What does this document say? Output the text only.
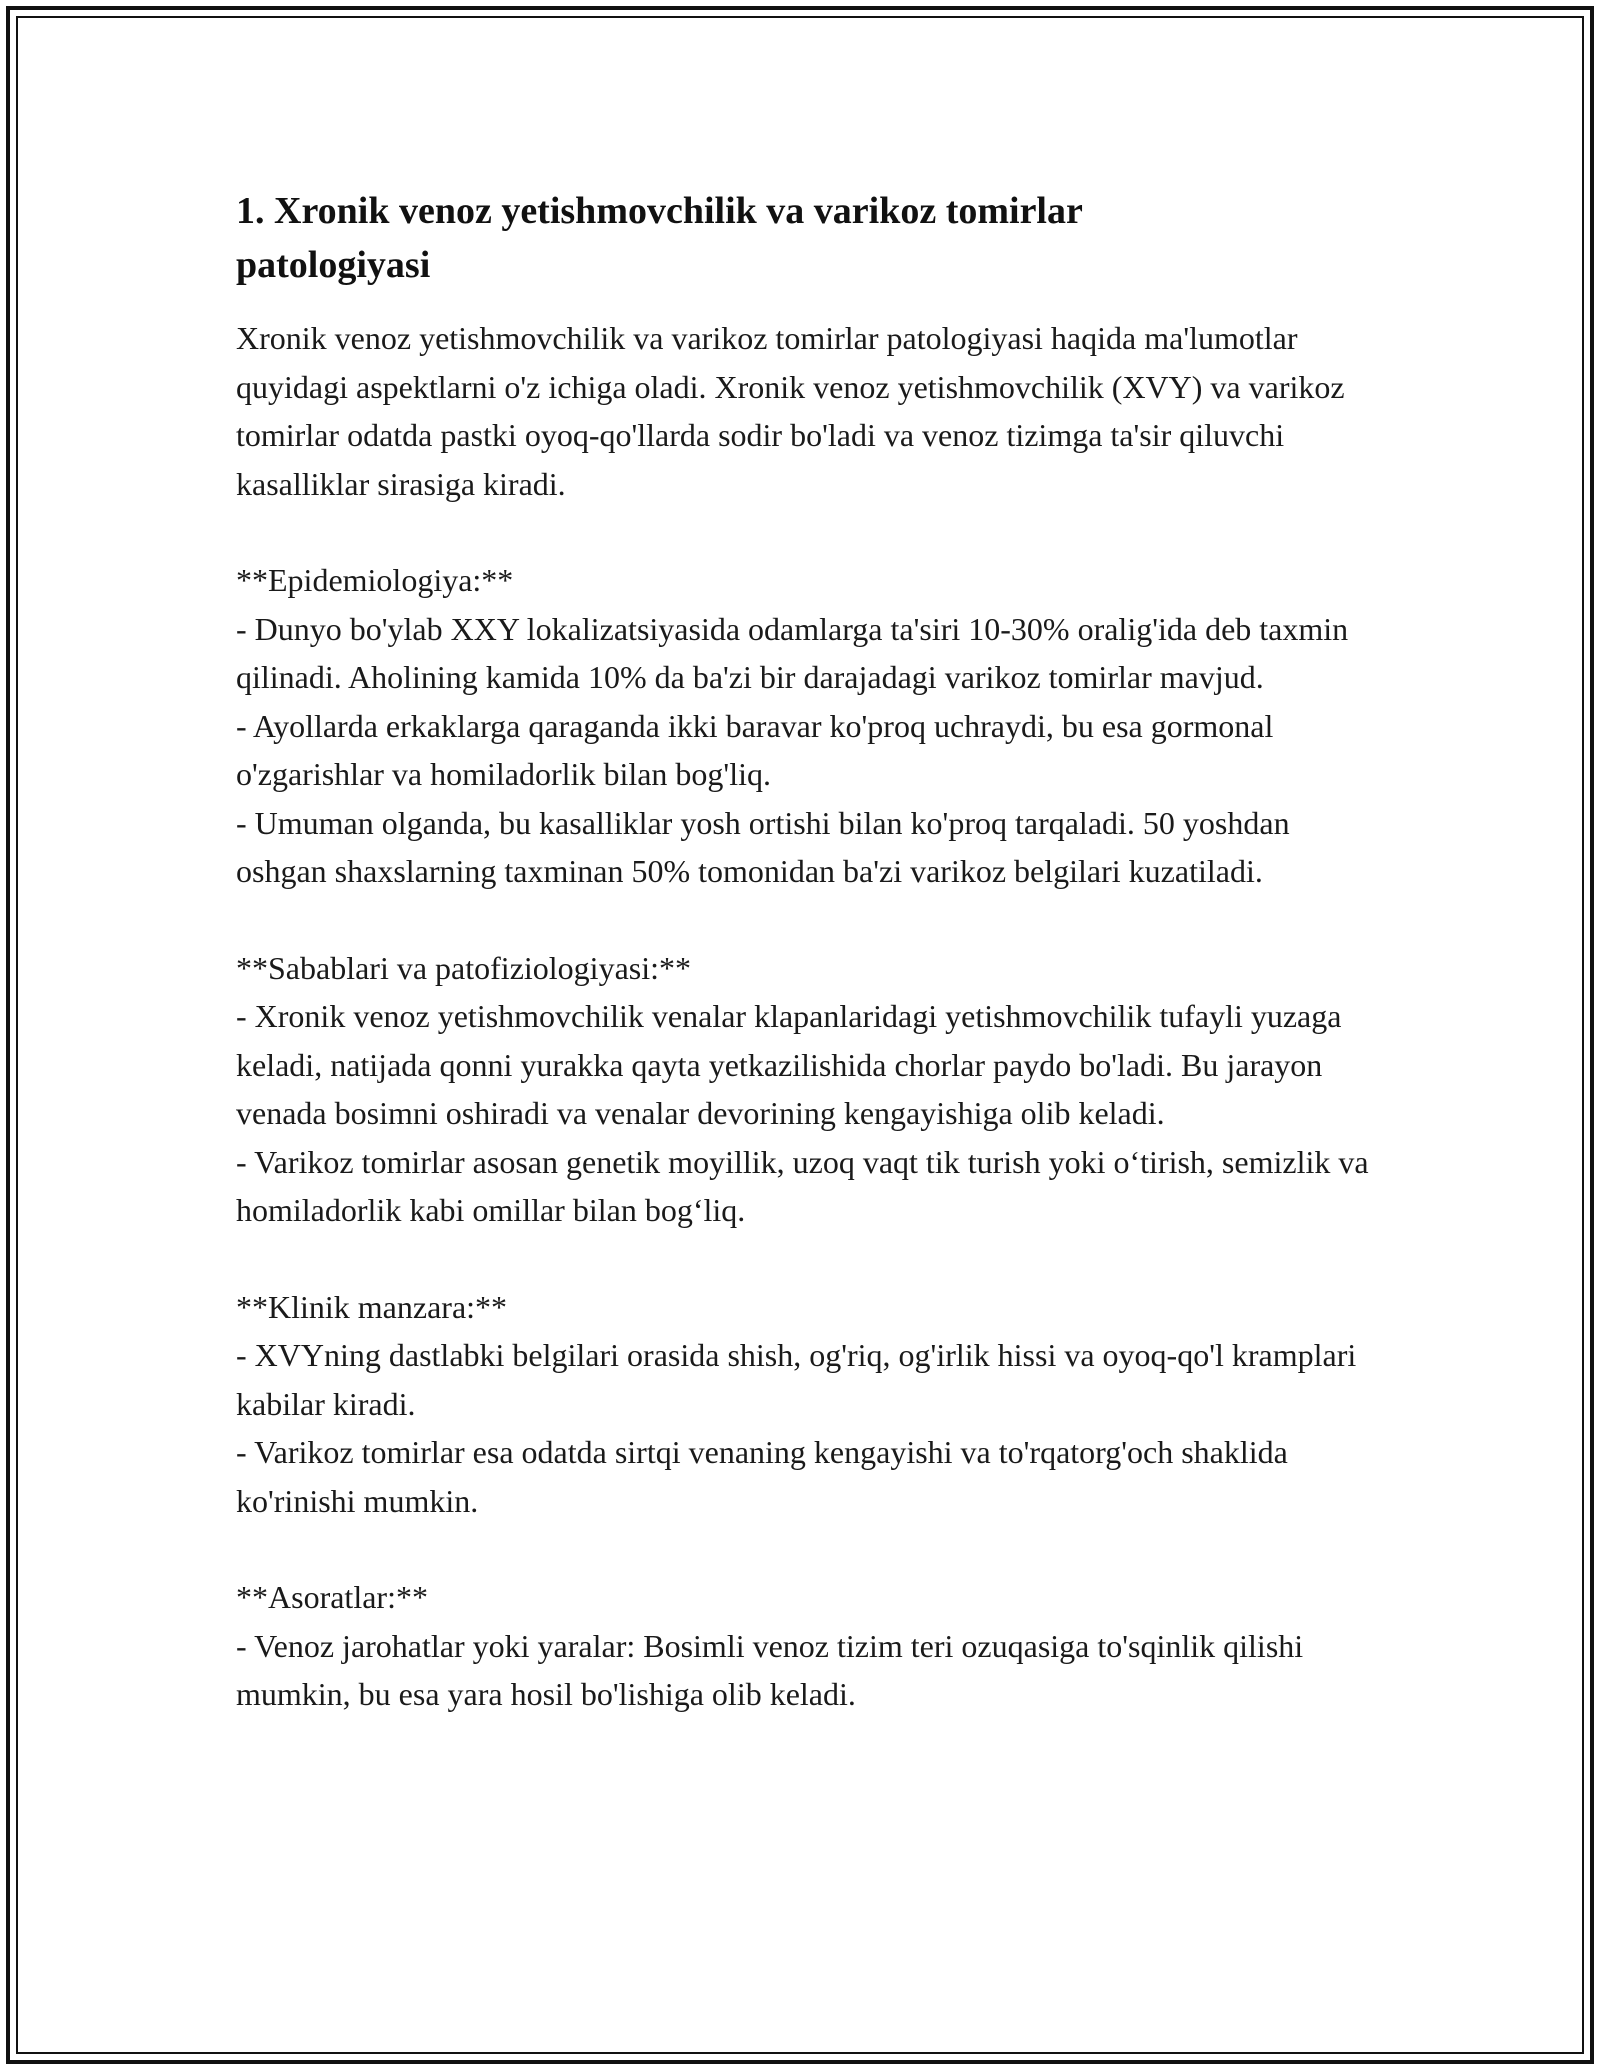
1. Xronik venoz yetishmovchilik va varikoz tomirlar
patologiyasi

Xronik venoz yetishmovchilik va varikoz tomirlar patologiyasi haqida ma'lumotlar quyidagi aspektlarni o'z ichiga oladi. Xronik venoz yetishmovchilik (XVY) va varikoz tomirlar odatda pastki oyoq-qo'llarda sodir bo'ladi va venoz tizimga ta'sir qiluvchi kasalliklar sirasiga kiradi.

**Epidemiologiya:**

- Dunyo bo'ylab XXY lokalizatsiyasida odamlarga ta'siri 10-30% oralig'ida deb taxmin qilinadi. Aholining kamida 10% da ba'zi bir darajadagi varikoz tomirlar mavjud.

- Ayollarda erkaklarga qaraganda ikki baravar ko'proq uchraydi, bu esa gormonal o'zgarishlar va homiladorlik bilan bog'liq.

- Umuman olganda, bu kasalliklar yosh ortishi bilan ko'proq tarqaladi. 50 yoshdan oshgan shaxslarning taxminan 50% tomonidan ba'zi varikoz belgilari kuzatiladi.

**Sabablari va patofiziologiyasi:**

- Xronik venoz yetishmovchilik venalar klapanlaridagi yetishmovchilik tufayli yuzaga keladi, natijada qonni yurakka qayta yetkazilishida chorlar paydo bo'ladi. Bu jarayon venada bosimni oshiradi va venalar devorining kengayishiga olib keladi.

- Varikoz tomirlar asosan genetik moyillik, uzoq vaqt tik turish yoki o‘tirish, semizlik va homiladorlik kabi omillar bilan bog‘liq.

**Klinik manzara:**

- XVYning dastlabki belgilari orasida shish, og'riq, og'irlik hissi va oyoq-qo'l kramplari kabilar kiradi.

- Varikoz tomirlar esa odatda sirtqi venaning kengayishi va to'rqatorg'och shaklida ko'rinishi mumkin.

**Asoratlar:**

- Venoz jarohatlar yoki yaralar: Bosimli venoz tizim teri ozuqasiga to'sqinlik qilishi mumkin, bu esa yara hosil bo'lishiga olib keladi.
